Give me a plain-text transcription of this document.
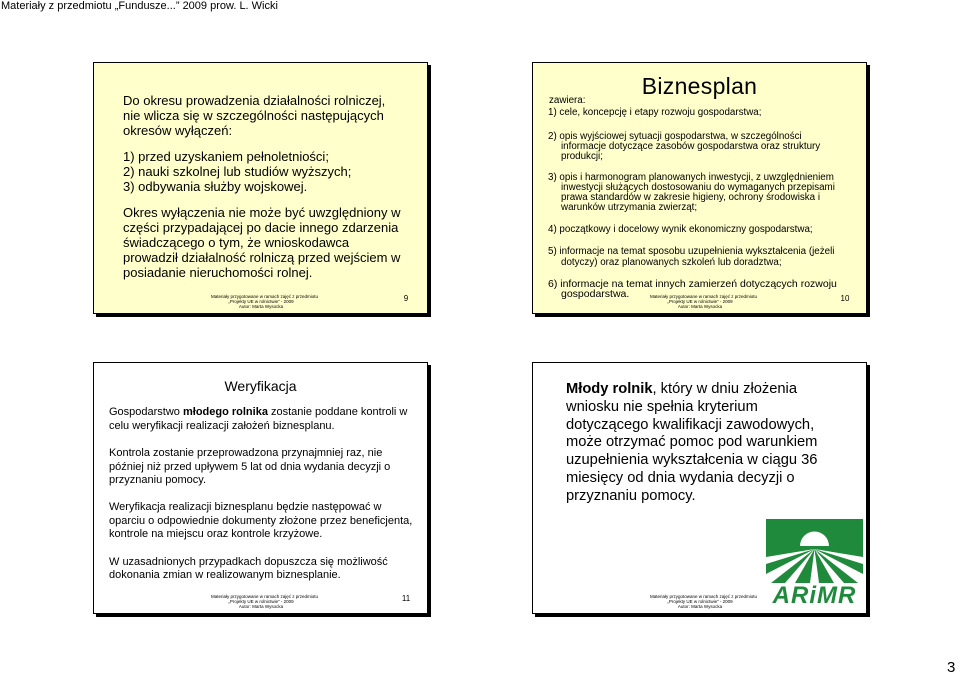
Materiały z przedmiotu „Fundusze...” 2009 prow. L. Wicki
Do okresu prowadzenia działalności rolniczej,
nie wlicza się w szczególności następujących
okresów wyłączeń:
1) przed uzyskaniem pełnoletniości;
2) nauki szkolnej lub studiów wyższych;
3) odbywania służby wojskowej.
Okres wyłączenia nie może być uwzględniony w
części przypadającej po dacie innego zdarzenia
świadczącego o tym, że wnioskodawca
prowadził działalność rolniczą przed wejściem w
posiadanie nieruchomości rolnej.
Materiały przygotowane w ramach zajęć z przedmiotu
„Projekty UE w rolnictwie” - 2009
Autor: Marta Wysocka
9
Biznesplan
zawiera:
1) cele, koncepcję i etapy rozwoju gospodarstwa;
2) opis wyjściowej sytuacji gospodarstwa, w szczególności
informacje dotyczące zasobów gospodarstwa oraz struktury
produkcji;
3) opis i harmonogram planowanych inwestycji, z uwzględnieniem
inwestycji służących dostosowaniu do wymaganych przepisami
prawa standardów w zakresie higieny, ochrony środowiska i
warunków utrzymania zwierząt;
4) początkowy i docelowy wynik ekonomiczny gospodarstwa;
5) informacje na temat sposobu uzupełnienia wykształcenia (jeżeli
dotyczy) oraz planowanych szkoleń lub doradztwa;
6) informacje na temat innych zamierzeń dotyczących rozwoju
gospodarstwa.	Materiały przygotowane w ramach zajęć z przedmiotu
„Projekty UE w rolnictwie” - 2009
Autor: Marta Wysocka
10
Weryfikacja
Gospodarstwo młodego rolnika zostanie poddane kontroli w
celu weryfikacji realizacji założeń biznesplanu.
Kontrola zostanie przeprowadzona przynajmniej raz, nie
później niż przed upływem 5 lat od dnia wydania decyzji o
przyznaniu pomocy.
Weryfikacja realizacji biznesplanu będzie następować w
oparciu o odpowiednie dokumenty złożone przez beneficjenta,
kontrole na miejscu oraz kontrole krzyżowe.
W uzasadnionych przypadkach dopuszcza się możliwość
dokonania zmian w realizowanym biznesplanie.
Materiały przygotowane w ramach zajęć z przedmiotu
„Projekty UE w rolnictwie” - 2009
Autor: Marta Wysocka
11
Młody rolnik, który w dniu złożenia
wniosku nie spełnia kryterium
dotyczącego kwalifikacji zawodowych,
może otrzymać pomoc pod warunkiem
uzupełnienia wykształcenia w ciągu 36
miesięcy od dnia wydania decyzji o
przyznaniu pomocy.
ARiMR
Materiały przygotowane w ramach zajęć z przedmiotu
„Projekty UE w rolnictwie” - 2009
Autor: Marta Wysocka
3
